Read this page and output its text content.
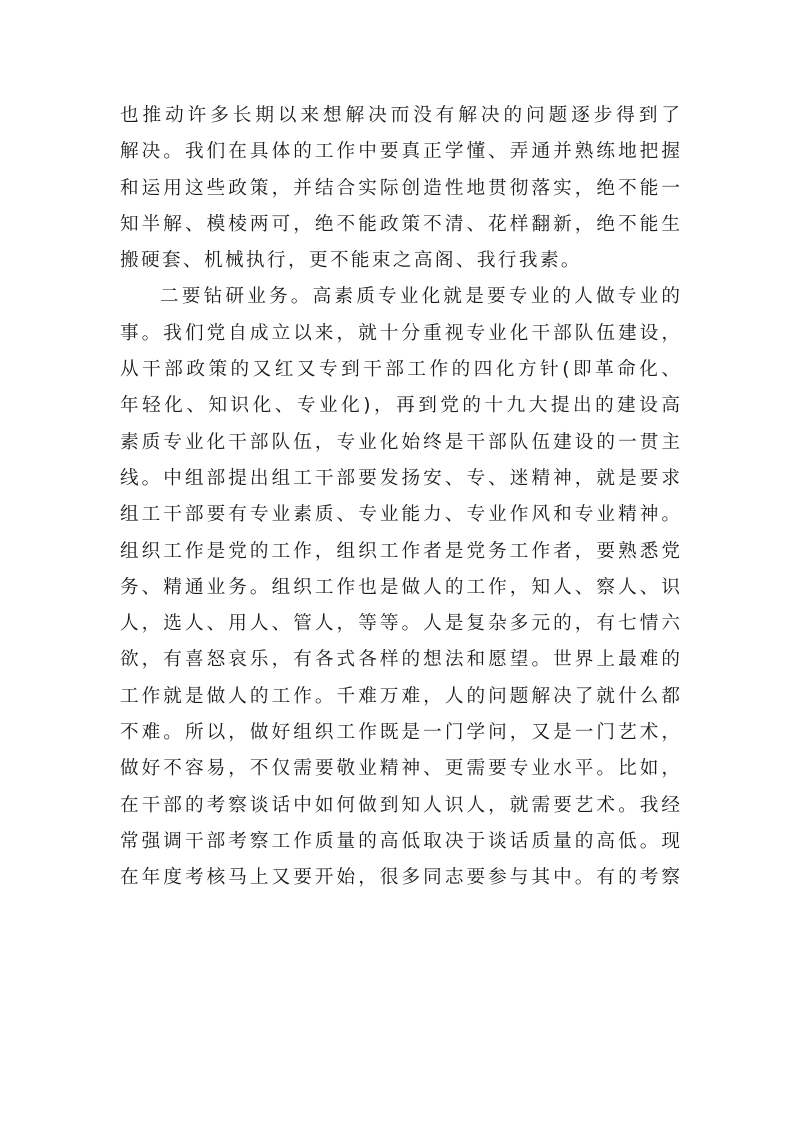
也推动许多长期以来想解决而没有解决的问题逐步得到了
解决。我们在具体的工作中要真正学懂、弄通并熟练地把握
和运用这些政策，并结合实际创造性地贯彻落实，绝不能一
知半解、模棱两可，绝不能政策不清、花样翻新，绝不能生
搬硬套、机械执行，更不能束之高阁、我行我素。
二要钻研业务。高素质专业化就是要专业的人做专业的
事。我们党自成立以来，就十分重视专业化干部队伍建设，
从干部政策的又红又专到干部工作的四化方针(即革命化、
年轻化、知识化、专业化)，再到党的十九大提出的建设高
素质专业化干部队伍，专业化始终是干部队伍建设的一贯主
线。中组部提出组工干部要发扬安、专、迷精神，就是要求
组工干部要有专业素质、专业能力、专业作风和专业精神。
组织工作是党的工作，组织工作者是党务工作者，要熟悉党
务、精通业务。组织工作也是做人的工作，知人、察人、识
人，选人、用人、管人，等等。人是复杂多元的，有七情六
欲，有喜怒哀乐，有各式各样的想法和愿望。世界上最难的
工作就是做人的工作。千难万难，人的问题解决了就什么都
不难。所以，做好组织工作既是一门学问，又是一门艺术，
做好不容易，不仅需要敬业精神、更需要专业水平。比如，
在干部的考察谈话中如何做到知人识人，就需要艺术。我经
常强调干部考察工作质量的高低取决于谈话质量的高低。现
在年度考核马上又要开始，很多同志要参与其中。有的考察
